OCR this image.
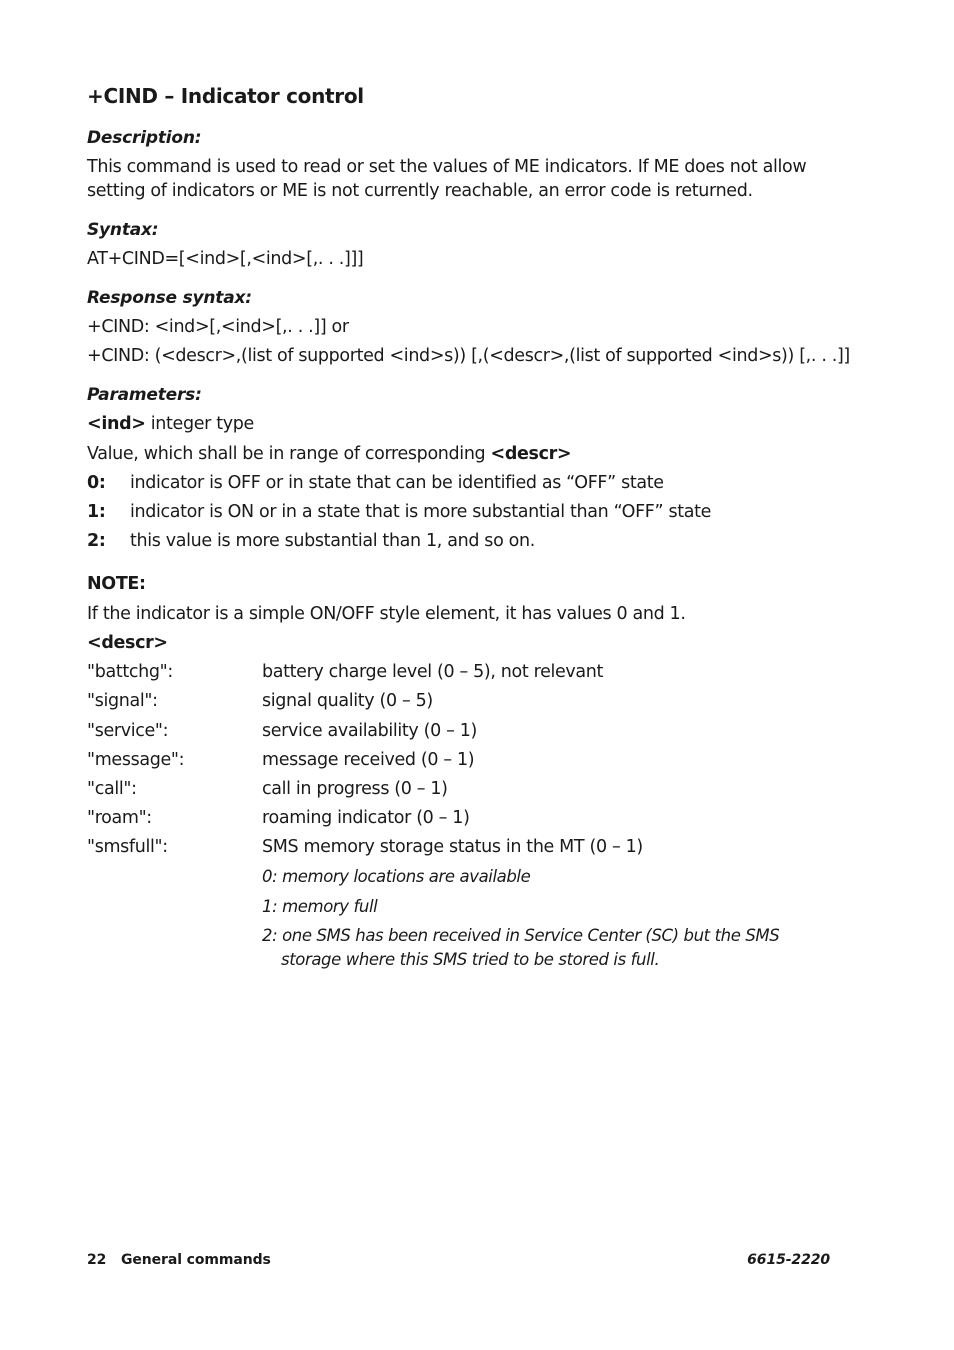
+CIND – Indicator control
Description:
This command is used to read or set the values of ME indicators. If ME does not allow
setting of indicators or ME is not currently reachable, an error code is returned.
Syntax:
AT+CIND=[<ind>[,<ind>[,. . .]]]
Response syntax:
+CIND: <ind>[,<ind>[,. . .]] or
+CIND: (<descr>,(list of supported <ind>s)) [,(<descr>,(list of supported <ind>s)) [,. . .]]
Parameters:
<ind> integer type
Value, which shall be in range of corresponding <descr>
0: indicator is OFF or in state that can be identified as “OFF” state
1: indicator is ON or in a state that is more substantial than “OFF” state
2: this value is more substantial than 1, and so on.
NOTE:
If the indicator is a simple ON/OFF style element, it has values 0 and 1.
<descr>
"battchg":	battery charge level (0 – 5), not relevant
"signal":	signal quality (0 – 5)
"service":	service availability (0 – 1)
"message":	message received (0 – 1)
"call":	call in progress (0 – 1)
"roam":	roaming indicator (0 – 1)
"smsfull":	SMS memory storage status in the MT (0 – 1)
0: memory locations are available
1: memory full
2: one SMS has been received in Service Center (SC) but the SMS
storage where this SMS tried to be stored is full.
22 General commands	6615-2220
